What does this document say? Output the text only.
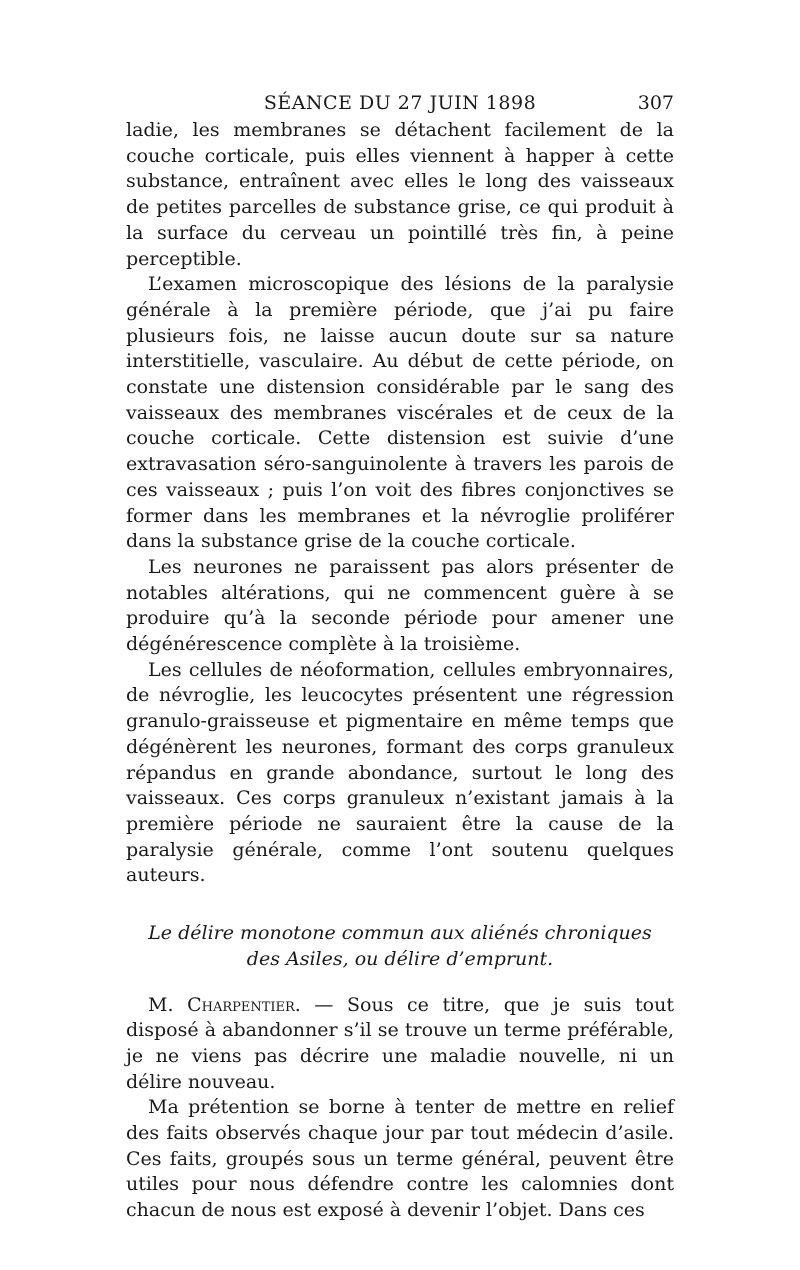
SÉANCE DU 27 JUIN 1898	307

ladie, les membranes se détachent facilement de la couche corticale, puis elles viennent à happer à cette substance, entraînent avec elles le long des vaisseaux de petites parcelles de substance grise, ce qui produit à la surface du cerveau un pointillé très fin, à peine perceptible.

L’examen microscopique des lésions de la paralysie générale à la première période, que j’ai pu faire plusieurs fois, ne laisse aucun doute sur sa nature interstitielle, vasculaire. Au début de cette période, on constate une distension considérable par le sang des vaisseaux des membranes viscérales et de ceux de la couche corticale. Cette distension est suivie d’une extravasation séro-sanguinolente à travers les parois de ces vaisseaux ; puis l’on voit des fibres conjonctives se former dans les membranes et la névroglie proliférer dans la substance grise de la couche corticale.

Les neurones ne paraissent pas alors présenter de notables altérations, qui ne commencent guère à se produire qu’à la seconde période pour amener une dégénérescence complète à la troisième.

Les cellules de néoformation, cellules embryonnaires, de névroglie, les leucocytes présentent une régression granulo-graisseuse et pigmentaire en même temps que dégénèrent les neurones, formant des corps granuleux répandus en grande abondance, surtout le long des vaisseaux. Ces corps granuleux n’existant jamais à la première période ne sauraient être la cause de la paralysie générale, comme l’ont soutenu quelques auteurs.

Le délire monotone commun aux aliénés chroniques
des Asiles, ou délire d’emprunt.

M. Charpentier. — Sous ce titre, que je suis tout disposé à abandonner s’il se trouve un terme préférable, je ne viens pas décrire une maladie nouvelle, ni un délire nouveau.

Ma prétention se borne à tenter de mettre en relief des faits observés chaque jour par tout médecin d’asile. Ces faits, groupés sous un terme général, peuvent être utiles pour nous défendre contre les calomnies dont chacun de nous est exposé à devenir l’objet. Dans ces
